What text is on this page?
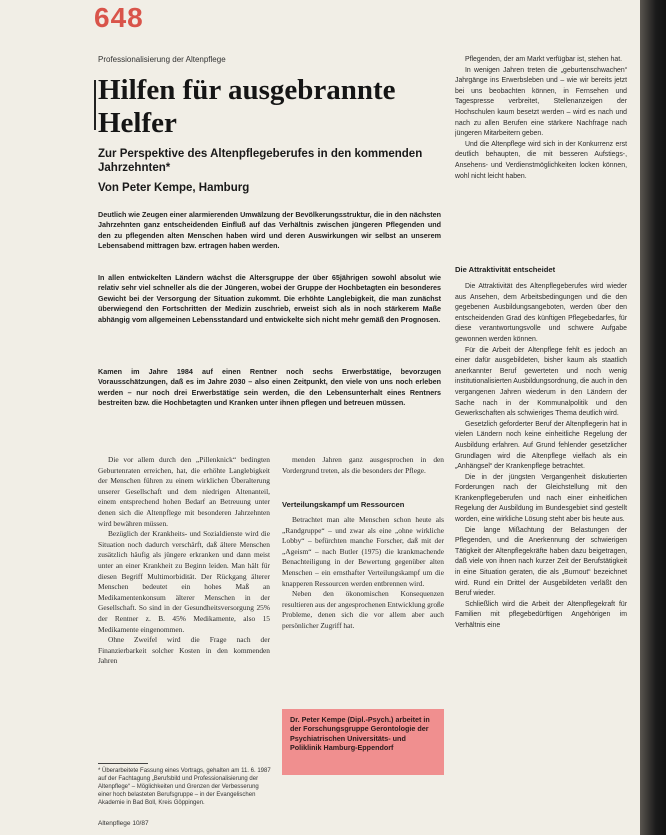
648
Professionalisierung der Altenpflege
Hilfen für ausgebrannte Helfer
Zur Perspektive des Altenpflegeberufes in den kommenden Jahrzehnten*
Von Peter Kempe, Hamburg

Deutlich wie Zeugen einer alarmierenden Umwälzung der Bevölkerungsstruktur, die in den nächsten Jahrzehnten ganz entscheidenden Einfluß auf das Verhältnis zwischen jüngeren Pflegenden und den zu pflegenden alten Menschen haben wird und deren Auswirkungen wir selbst an unserem Lebensabend mittragen bzw. ertragen haben werden.

In allen entwickelten Ländern wächst die Altersgruppe der über 65jährigen sowohl absolut wie relativ sehr viel schneller als die der Jüngeren, wobei der Gruppe der Hochbetagten ein besonderes Gewicht bei der Versorgung der Situation zukommt. Die erhöhte Langlebigkeit, die man zunächst überwiegend den Fortschritten der Medizin zuschrieb, erweist sich als in noch stärkerem Maße abhängig vom allgemeinen Lebensstandard und entwickelte sich nicht mehr gemäß den Prognosen.

Kamen im Jahre 1984 auf einen Rentner noch sechs Erwerbstätige, bevorzugen Vorausschätzungen, daß es im Jahre 2030 – also einen Zeitpunkt, den viele von uns noch erleben werden – nur noch drei Erwerbstätige sein werden, die den Lebensunterhalt eines Rentners bestreiten bzw. die Hochbetagten und Kranken unter ihnen pflegen und betreuen müssen.

Die vor allem durch den „Pillenknick“ bedingten Geburtenraten erreichen, hat, die erhöhte Langlebigkeit der Menschen führen zu einem wirklichen Überalterung unserer Gesellschaft und dem niedrigen Altenanteil, einem entsprechend hohen Bedarf an Betreuung unter denen sich die Altenpflege mit besonderen Jahrzehnten wird bewähren müssen.

Bezüglich der Krankheits- und Sozialdienste wird die Situation noch dadurch verschärft, daß ältere Menschen zusätzlich häufig als jüngere erkranken und dann meist unter an einer Krankheit zu Beginn leiden. Man hält für diesen Begriff Multimorbidität. Der Rückgang älterer Menschen bedeutet ein hohes Maß an Medikamentenkonsum älterer Menschen in der Gesellschaft. So sind in der Gesundheitsversorgung 25% der Rentner z. B. 45% Medikamente, also 15 Medikamente eingenommen.

Ohne Zweifel wird die Frage nach der Finanzierbarkeit solcher Kosten in den kommenden Jahren

menden Jahren ganz ausgesprochen in den Vordergrund treten, als die besonders der Pflege.

Verteilungskampf um Ressourcen

Betrachtet man alte Menschen schon heute als „Randgruppe“ – und zwar als eine „ohne wirkliche Lobby“ – befürchten manche Forscher, daß mit der „Ageism“ – nach Butler (1975) die krankmachende Benachteiligung in der Bewertung gegenüber alten Menschen – ein ernsthafter Verteilungskampf um die knapperen Ressourcen werden entbrennen wird.

Neben den ökonomischen Konsequenzen resultieren aus der angesprochenen Entwicklung große Probleme, denen sich die vor allem aber auch persönlicher Zugriff hat.

Pflegenden, der am Markt verfügbar ist, stehen hat.

In wenigen Jahren treten die „geburtenschwachen“ Jahrgänge ins Erwerbsleben und – wie wir bereits jetzt bei uns beobachten können, in Fernsehen und Tagespresse verbreitet, Stellenanzeigen der Hochschulen kaum besetzt werden – wird es nach und nach zu allen Berufen eine stärkere Nachfrage nach jüngeren Mitarbeitern geben.

Und die Altenpflege wird sich in der Konkurrenz erst deutlich behaupten, die mit besseren Aufstiegs-, Ansehens- und Verdienstmöglichkeiten locken können, wohl nicht leicht haben.

Die Attraktivität entscheidet

Die Attraktivität des Altenpflegeberufes wird wieder aus Ansehen, dem Arbeitsbedingungen und die den gegebenen Ausbildungsangeboten, werden über den entscheidenden Grad des künftigen Pflegebedarfes, für diese verantwortungsvolle und schwere Aufgabe gewonnen werden können.

Für die Arbeit der Altenpflege fehlt es jedoch an einer dafür ausgebildeten, bisher kaum als staatlich anerkannter Beruf gewerteten und noch wenig institutionalisierten Ausbildungsordnung, die auch in den vergangenen Jahren wiederum in den Ländern der Sache nach in der Kommunalpolitik und den Gewerkschaften als schwieriges Thema deutlich wird.

Gesetzlich geforderter Beruf der Altenpflegerin hat in vielen Ländern noch keine einheitliche Regelung der Ausbildung erfahren. Auf Grund fehlender gesetzlicher Grundlagen wird die Altenpflege vielfach als ein „Anhängsel“ der Krankenpflege betrachtet.

Die in der jüngsten Vergangenheit diskutierten Forderungen nach der Gleichstellung mit den Krankenpflegeberufen und nach einer einheitlichen Regelung der Ausbildung im Bundesgebiet sind gestellt worden, eine wirkliche Lösung steht aber bis heute aus.

Die lange Mißachtung der Belastungen der Pflegenden, und die Anerkennung der schwierigen Tätigkeit der Altenpflegekräfte haben dazu beigetragen, daß viele von ihnen nach kurzer Zeit der Berufstätigkeit in eine Situation geraten, die als „Burnout“ bezeichnet wird. Rund ein Drittel der Ausgebildeten verläßt den Beruf wieder.

Schließlich wird die Arbeit der Altenpflegekraft für Familien mit pflegebedürftigen Angehörigen im Verhältnis eine

* Überarbeitete Fassung eines Vortrags, gehalten am 11. 6. 1987 auf der Fachtagung „Berufsbild und Professionalisierung der Altenpflege“ – Möglichkeiten und Grenzen der Verbesserung einer hoch belasteten Berufsgruppe – in der Evangelischen Akademie in Bad Boll, Kreis Göppingen.

Dr. Peter Kempe (Dipl.-Psych.) arbeitet in der Forschungsgruppe Gerontologie der Psychiatrischen Universitäts- und Poliklinik Hamburg-Eppendorf
Altenpflege 10/87
